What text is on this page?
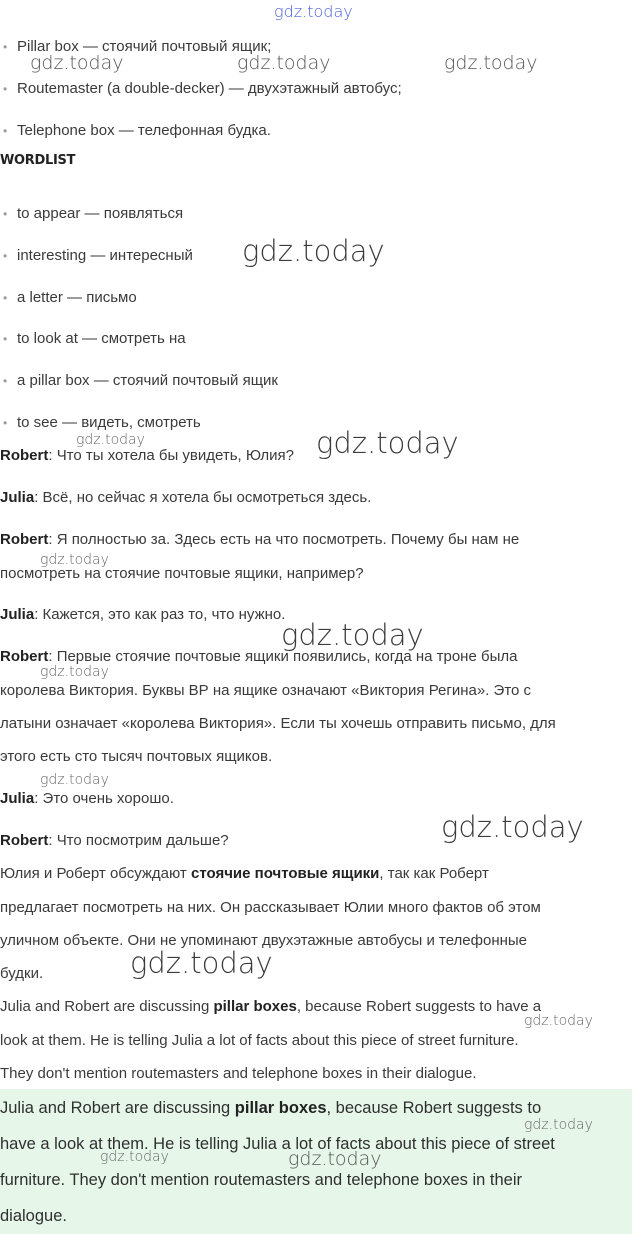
• Pillar box — стоячий почтовый ящик;
• Routemaster (a double-decker) — двухэтажный автобус;
• Telephone box — телефонная будка.
WORDLIST
• to appear — появляться
• interesting — интересный
• a letter — письмо
• to look at — смотреть на
• a pillar box — стоячий почтовый ящик
• to see — видеть, смотреть
Robert: Что ты хотела бы увидеть, Юлия?
Julia: Всё, но сейчас я хотела бы осмотреться здесь.
Robert: Я полностью за. Здесь есть на что посмотреть. Почему бы нам не
посмотреть на стоячие почтовые ящики, например?
Julia: Кажется, это как раз то, что нужно.
Robert: Первые стоячие почтовые ящики появились, когда на троне была
королева Виктория. Буквы ВР на ящике означают «Виктория Регина». Это с
латыни означает «королева Виктория». Если ты хочешь отправить письмо, для
этого есть сто тысяч почтовых ящиков.
Julia: Это очень хорошо.
Robert: Что посмотрим дальше?
Юлия и Роберт обсуждают стоячие почтовые ящики, так как Роберт
предлагает посмотреть на них. Он рассказывает Юлии много фактов об этом
уличном объекте. Они не упоминают двухэтажные автобусы и телефонные
будки.
Julia and Robert are discussing pillar boxes, because Robert suggests to have a
look at them. He is telling Julia a lot of facts about this piece of street furniture.
They don't mention routemasters and telephone boxes in their dialogue.
Julia and Robert are discussing pillar boxes, because Robert suggests to
have a look at them. He is telling Julia a lot of facts about this piece of street
furniture. They don't mention routemasters and telephone boxes in their
dialogue.
gdz.today
gdz.today	gdz.today	gdz.today
gdz.today
gdz.today	gdz.today
gdz.today
gdz.today
gdz.today
gdz.today
gdz.today
gdz.today
gdz.today
gdz.today
gdz.today	gdz.today
